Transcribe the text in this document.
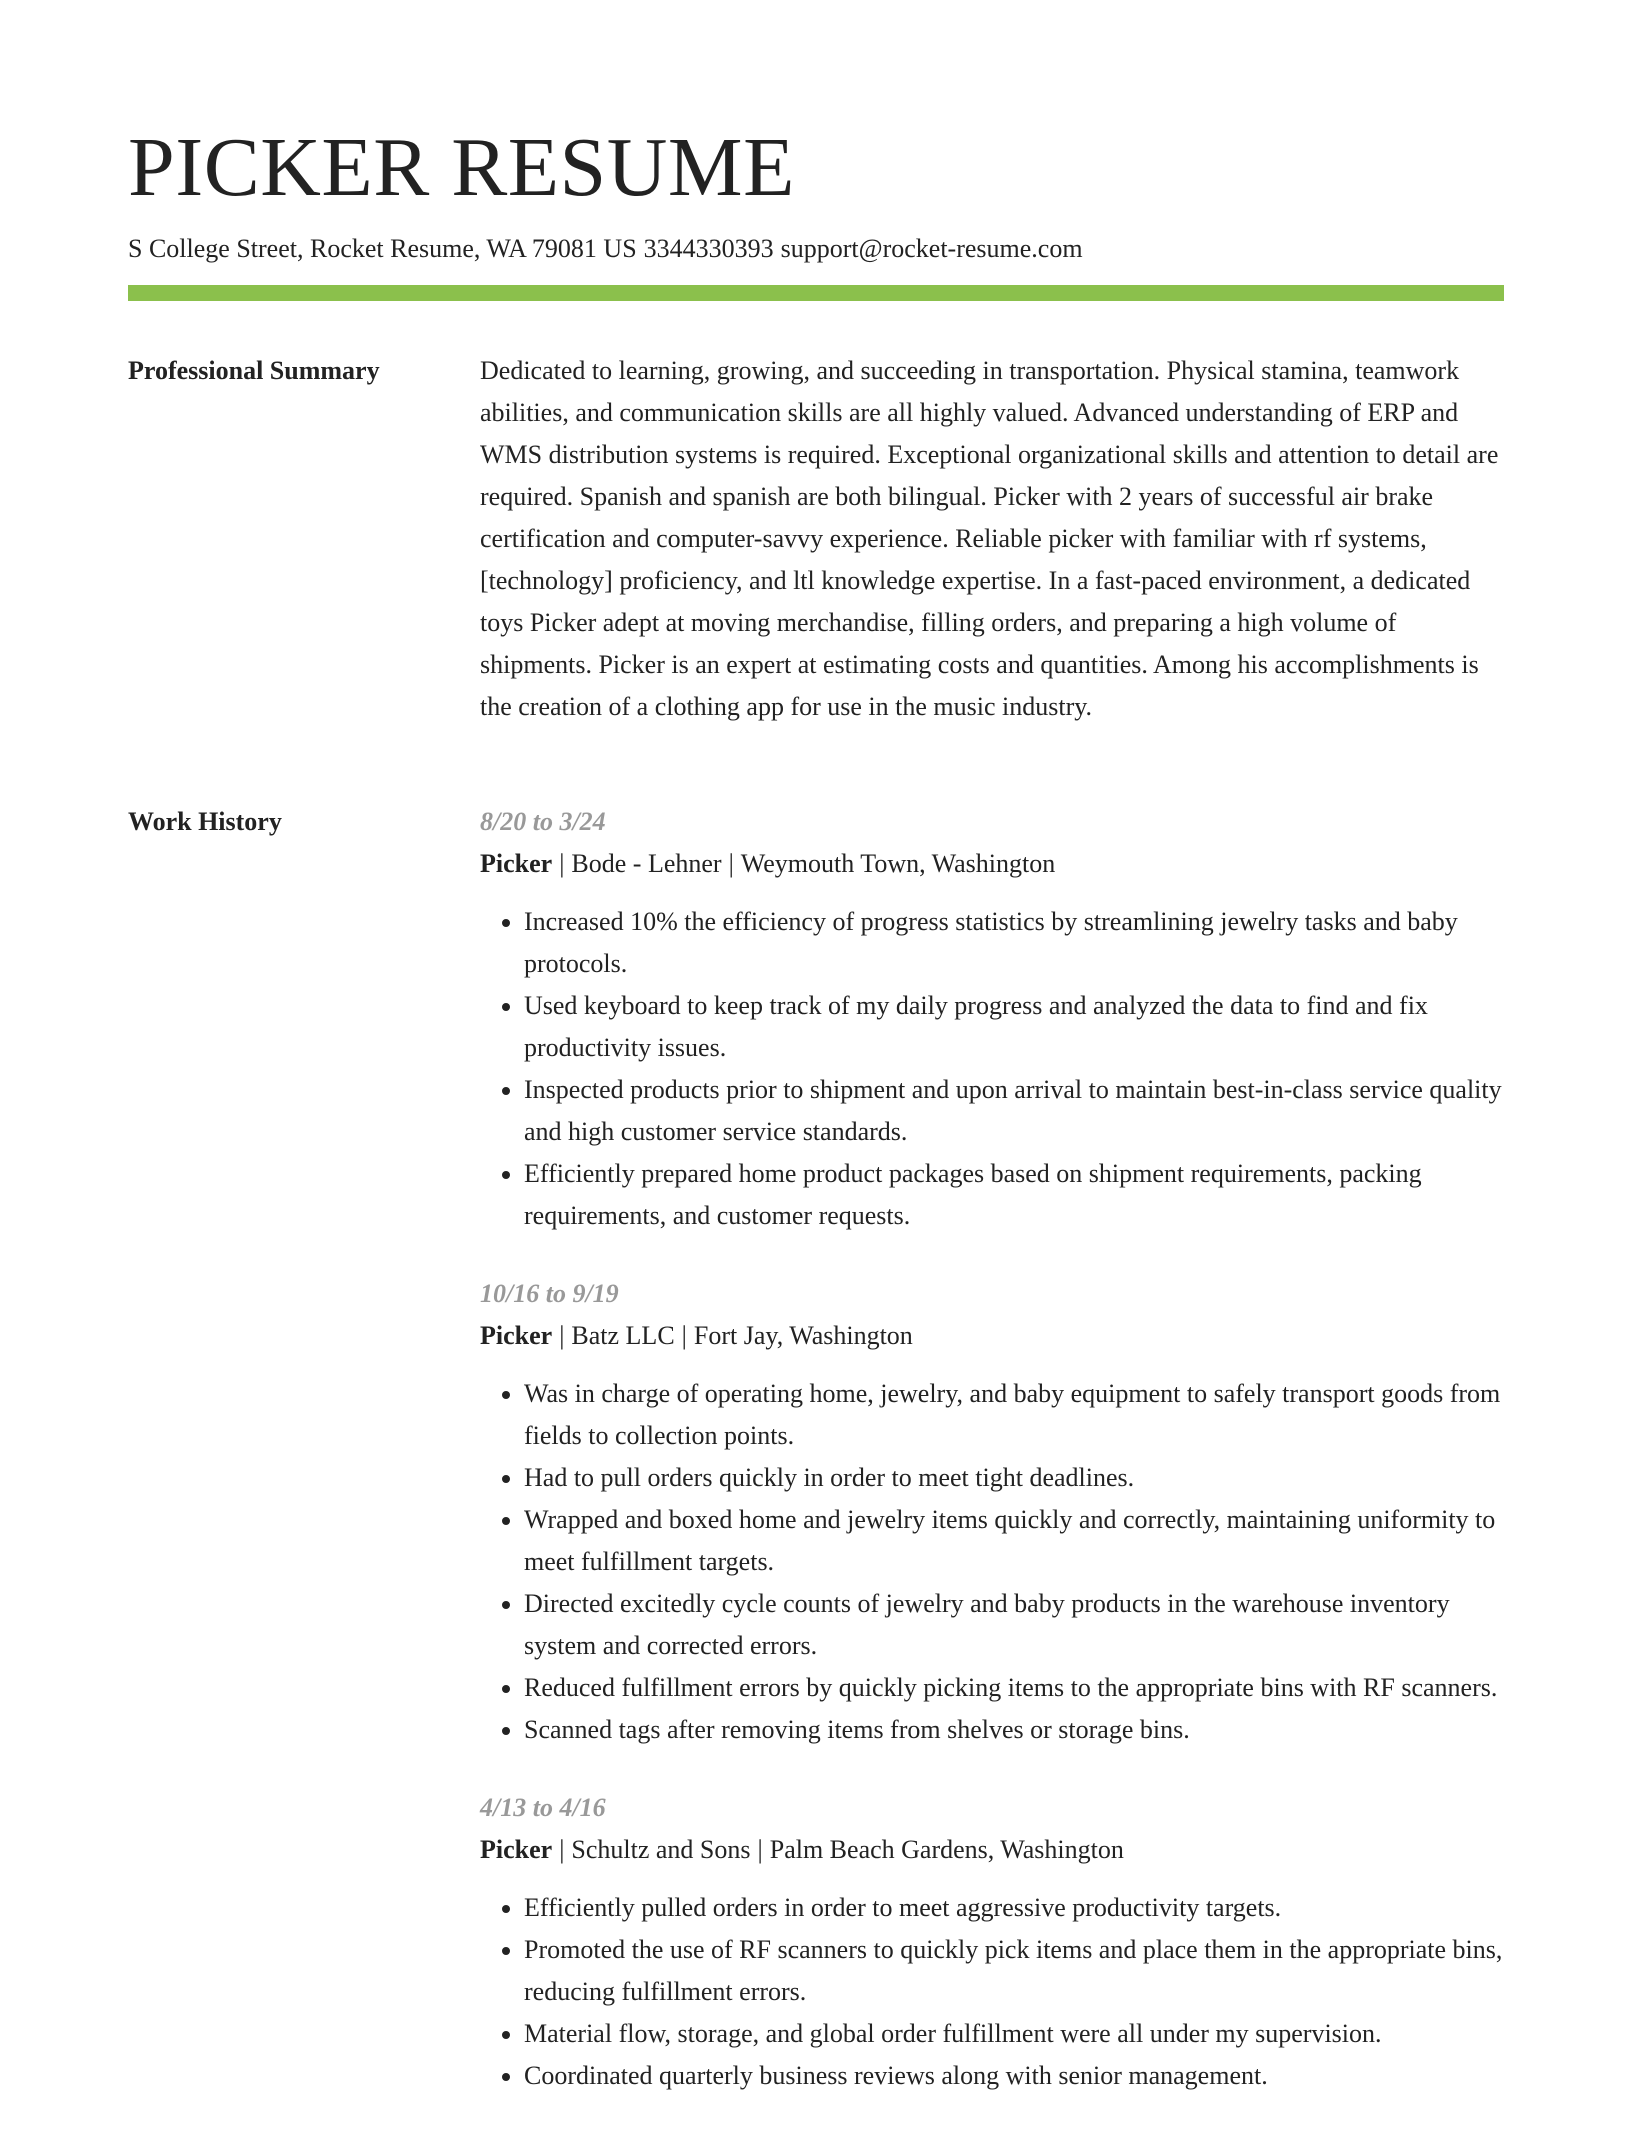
PICKER RESUME
S College Street, Rocket Resume, WA 79081 US 3344330393 support@rocket-resume.com
Professional Summary	Dedicated to learning, growing, and succeeding in transportation. Physical stamina, teamwork abilities, and communication skills are all highly valued. Advanced understanding of ERP and WMS distribution systems is required. Exceptional organizational skills and attention to detail are required. Spanish and spanish are both bilingual. Picker with 2 years of successful air brake certification and computer-savvy experience. Reliable picker with familiar with rf systems, [technology] proficiency, and ltl knowledge expertise. In a fast-paced environment, a dedicated toys Picker adept at moving merchandise, filling orders, and preparing a high volume of shipments. Picker is an expert at estimating costs and quantities. Among his accomplishments is the creation of a clothing app for use in the music industry.

Work History	8/20 to 3/24
Picker | Bode - Lehner | Weymouth Town, Washington
• Increased 10% the efficiency of progress statistics by streamlining jewelry tasks and baby protocols.
• Used keyboard to keep track of my daily progress and analyzed the data to find and fix productivity issues.
• Inspected products prior to shipment and upon arrival to maintain best-in-class service quality and high customer service standards.
• Efficiently prepared home product packages based on shipment requirements, packing requirements, and customer requests.
10/16 to 9/19
Picker | Batz LLC | Fort Jay, Washington
• Was in charge of operating home, jewelry, and baby equipment to safely transport goods from fields to collection points.
• Had to pull orders quickly in order to meet tight deadlines.
• Wrapped and boxed home and jewelry items quickly and correctly, maintaining uniformity to meet fulfillment targets.
• Directed excitedly cycle counts of jewelry and baby products in the warehouse inventory system and corrected errors.
• Reduced fulfillment errors by quickly picking items to the appropriate bins with RF scanners.
• Scanned tags after removing items from shelves or storage bins.
4/13 to 4/16
Picker | Schultz and Sons | Palm Beach Gardens, Washington
• Efficiently pulled orders in order to meet aggressive productivity targets.
• Promoted the use of RF scanners to quickly pick items and place them in the appropriate bins, reducing fulfillment errors.
• Material flow, storage, and global order fulfillment were all under my supervision.
• Coordinated quarterly business reviews along with senior management.
